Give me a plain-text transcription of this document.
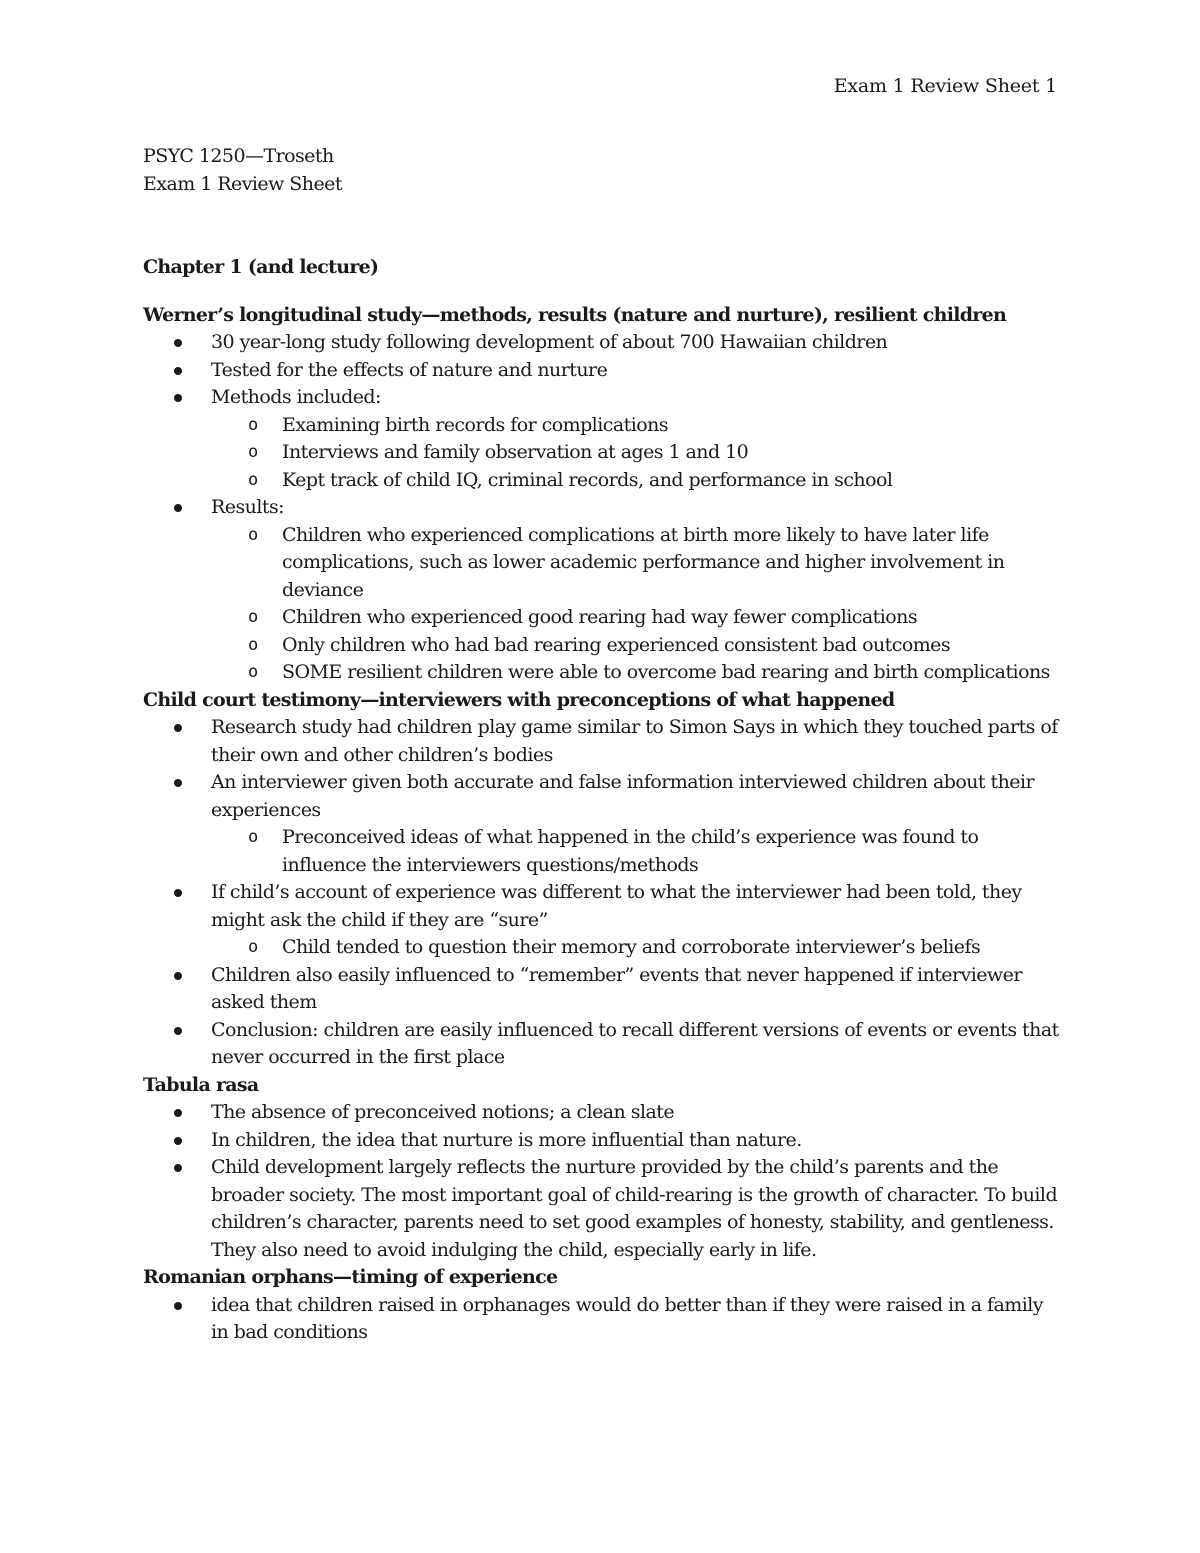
Exam 1 Review Sheet 1

PSYC 1250—Troseth

Exam 1 Review Sheet

Chapter 1 (and lecture)

Werner’s longitudinal study—methods, results (nature and nurture), resilient children

30 year-long study following development of about 700 Hawaiian children
Tested for the effects of nature and nurture
Methods included:
o Examining birth records for complications
o Interviews and family observation at ages 1 and 10
o Kept track of child IQ, criminal records, and performance in school
Results:
o Children who experienced complications at birth more likely to have later life complications, such as lower academic performance and higher involvement in deviance
o Children who experienced good rearing had way fewer complications
o Only children who had bad rearing experienced consistent bad outcomes
o SOME resilient children were able to overcome bad rearing and birth complications

Child court testimony—interviewers with preconceptions of what happened

Research study had children play game similar to Simon Says in which they touched parts of their own and other children’s bodies
An interviewer given both accurate and false information interviewed children about their experiences
o Preconceived ideas of what happened in the child’s experience was found to influence the interviewers questions/methods
If child’s account of experience was different to what the interviewer had been told, they might ask the child if they are “sure”
o Child tended to question their memory and corroborate interviewer’s beliefs
Children also easily influenced to “remember” events that never happened if interviewer asked them
Conclusion: children are easily influenced to recall different versions of events or events that never occurred in the first place

Tabula rasa

The absence of preconceived notions; a clean slate
In children, the idea that nurture is more influential than nature.
Child development largely reflects the nurture provided by the child’s parents and the broader society. The most important goal of child-rearing is the growth of character. To build children’s character, parents need to set good examples of honesty, stability, and gentleness. They also need to avoid indulging the child, especially early in life.

Romanian orphans—timing of experience

idea that children raised in orphanages would do better than if they were raised in a family in bad conditions
